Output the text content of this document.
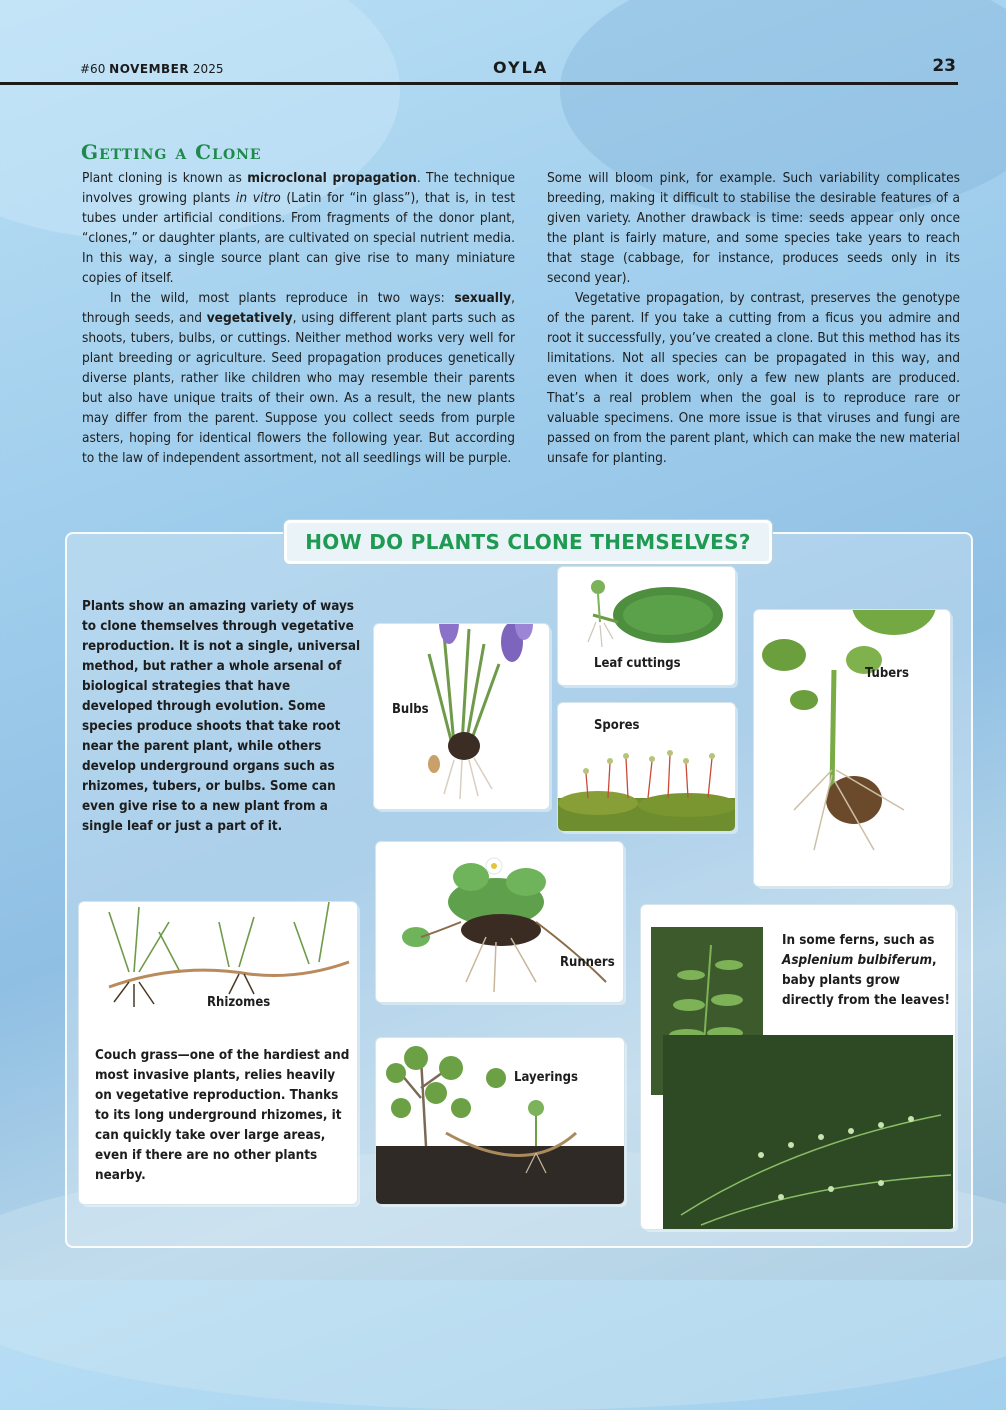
#60 NOVEMBER 2025	OYLA	23
Getting a Clone

Plant cloning is known as microclonal propagation. The technique involves growing plants in vitro (Latin for “in glass”), that is, in test tubes under artificial conditions. From fragments of the donor plant, “clones,” or daughter plants, are cultivated on special nutrient media. In this way, a single source plant can give rise to many miniature copies of itself.

In the wild, most plants reproduce in two ways: sexually, through seeds, and vegetatively, using different plant parts such as shoots, tubers, bulbs, or cuttings. Neither method works very well for plant breeding or agriculture. Seed propagation produces genetically diverse plants, rather like children who may resemble their parents but also have unique traits of their own. As a result, the new plants may differ from the parent. Suppose you collect seeds from purple asters, hoping for identical flowers the following year. But according to the law of independent assortment, not all seedlings will be purple.

Some will bloom pink, for example. Such variability complicates breeding, making it difficult to stabilise the desirable features of a given variety. Another drawback is time: seeds appear only once the plant is fairly mature, and some species take years to reach that stage (cabbage, for instance, produces seeds only in its second year).

Vegetative propagation, by contrast, preserves the genotype of the parent. If you take a cutting from a ficus you admire and root it successfully, you’ve created a clone. But this method has its limitations. Not all species can be propagated in this way, and even when it does work, only a few new plants are produced. That’s a real problem when the goal is to reproduce rare or valuable specimens. One more issue is that viruses and fungi are passed on from the parent plant, which can make the new material unsafe for planting.

HOW DO PLANTS CLONE THEMSELVES?
Plants show an amazing variety of ways to clone themselves through vegetative reproduction. It is not a single, universal method, but rather a whole arsenal of biological strategies that have developed through evolution. Some species produce shoots that take root near the parent plant, while others develop underground organs such as rhizomes, tubers, or bulbs. Some can even give rise to a new plant from a single leaf or just a part of it.
Bulbs
Leaf cuttings
Spores
Tubers
Runners
Rhizomes
Couch grass—one of the hardiest and most invasive plants, relies heavily on vegetative reproduction. Thanks to its long underground rhizomes, it can quickly take over large areas, even if there are no other plants nearby.
Layerings
In some ferns, such as Asplenium bulbiferum, baby plants grow directly from the leaves!
